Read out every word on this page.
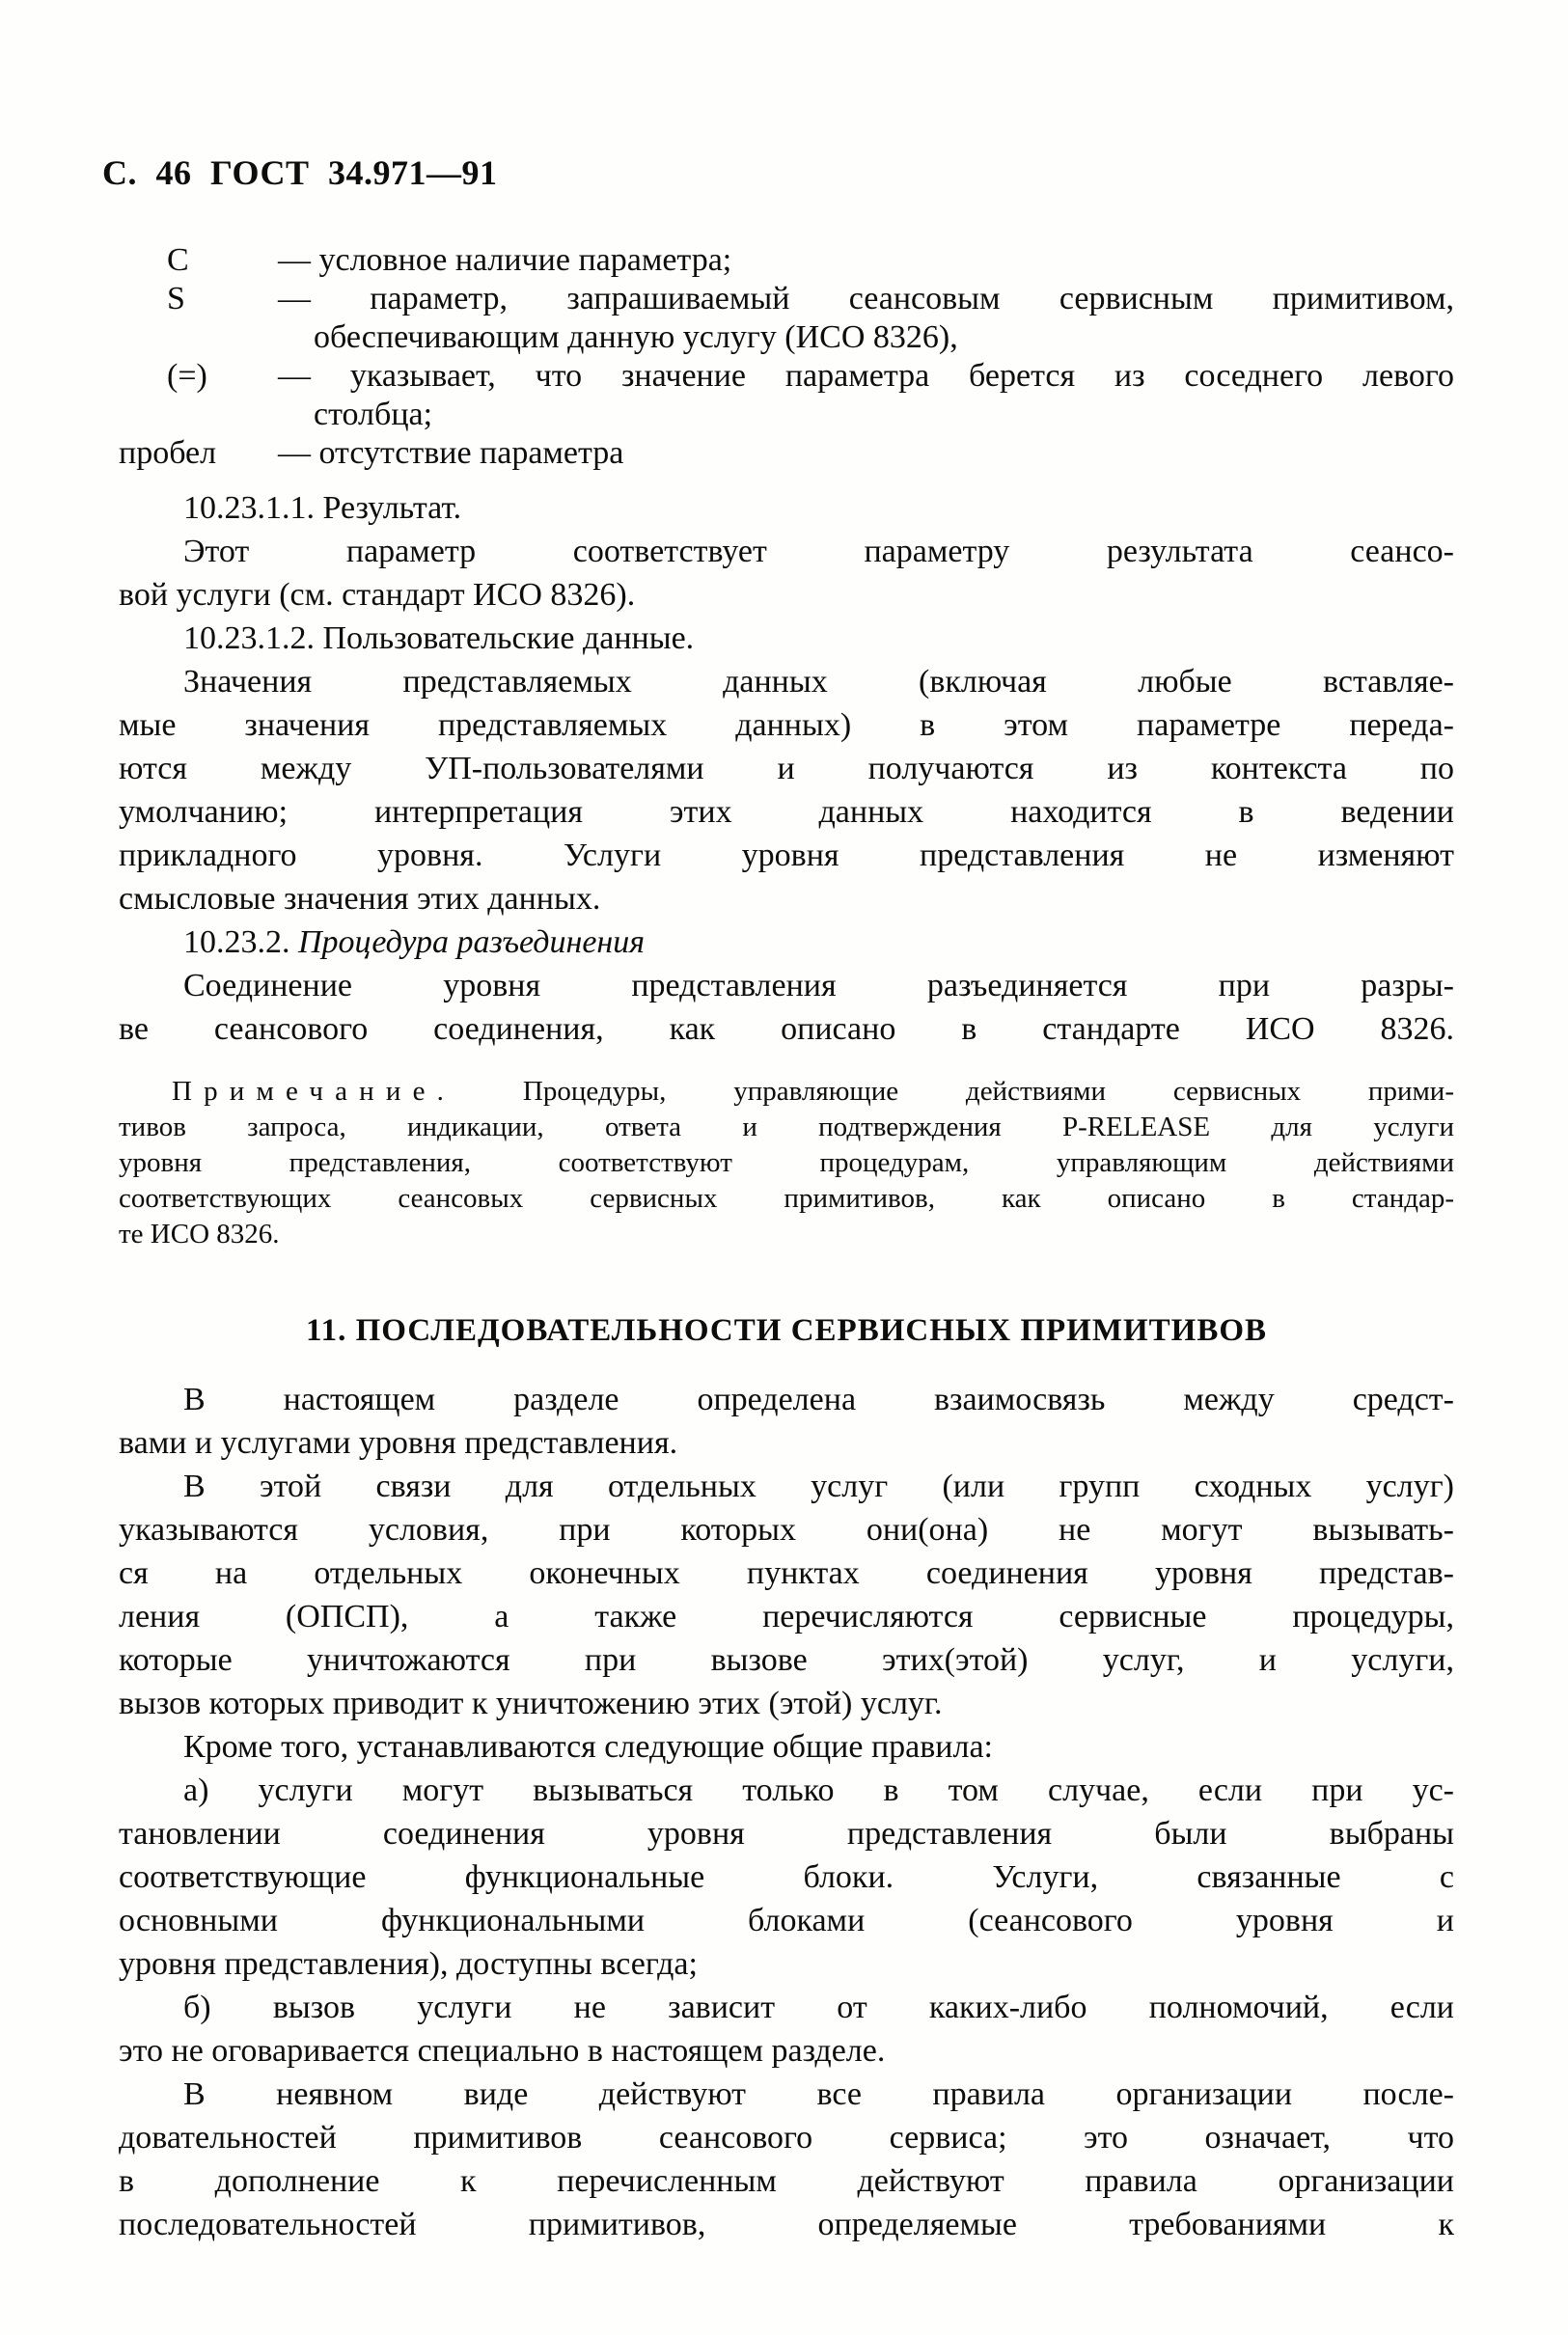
С. 46 ГОСТ 34.971—91
С	— условное наличие параметра;
S	— параметр, запрашиваемый сеансовым сервисным примитивом,
обеспечивающим данную услугу (ИСО 8326),
(=)	— указывает, что значение параметра берется из соседнего левого
столбца;
пробел	— отсутствие параметра
10.23.1.1. Результат.
Этот параметр соответствует параметру результата сеансо-
вой услуги (см. стандарт ИСО 8326).
10.23.1.2. Пользовательские данные.
Значения представляемых данных (включая любые вставляе-
мые значения представляемых данных) в этом параметре переда-
ются между УП-пользователями и получаются из контекста по
умолчанию; интерпретация этих данных находится в ведении
прикладного уровня. Услуги уровня представления не изменяют
смысловые значения этих данных.
10.23.2. Процедура разъединения
Соединение уровня представления разъединяется при разры-
ве сеансового соединения, как описано в стандарте ИСО 8326.
Примечание. Процедуры, управляющие действиями сервисных прими-
тивов запроса, индикации, ответа и подтверждения P-RELEASE для услуги
уровня представления, соответствуют процедурам, управляющим действиями
соответствующих сеансовых сервисных примитивов, как описано в стандар-
те ИСО 8326.
11. ПОСЛЕДОВАТЕЛЬНОСТИ СЕРВИСНЫХ ПРИМИТИВОВ
В настоящем разделе определена взаимосвязь между средст-
вами и услугами уровня представления.
В этой связи для отдельных услуг (или групп сходных услуг)
указываются условия, при которых они(она) не могут вызывать-
ся на отдельных оконечных пунктах соединения уровня представ-
ления (ОПСП), а также перечисляются сервисные процедуры,
которые уничтожаются при вызове этих(этой) услуг, и услуги,
вызов которых приводит к уничтожению этих (этой) услуг.
Кроме того, устанавливаются следующие общие правила:
а) услуги могут вызываться только в том случае, если при ус-
тановлении соединения уровня представления были выбраны
соответствующие функциональные блоки. Услуги, связанные с
основными функциональными блоками (сеансового уровня и
уровня представления), доступны всегда;
б) вызов услуги не зависит от каких-либо полномочий, если
это не оговаривается специально в настоящем разделе.
В неявном виде действуют все правила организации после-
довательностей примитивов сеансового сервиса; это означает, что
в дополнение к перечисленным действуют правила организации
последовательностей примитивов, определяемые требованиями к
